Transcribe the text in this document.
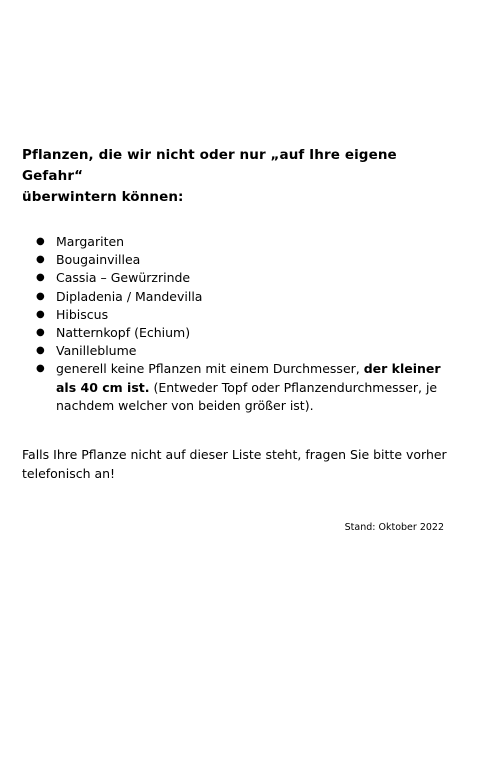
Pflanzen, die wir nicht oder nur „auf Ihre eigene Gefahr“
überwintern können:
● Margariten
● Bougainvillea
● Cassia – Gewürzrinde
● Dipladenia / Mandevilla
● Hibiscus
● Natternkopf (Echium)
● Vanilleblume
● generell keine Pflanzen mit einem Durchmesser, der kleiner als 40 cm ist. (Entweder Topf oder Pflanzendurchmesser, je nachdem welcher von beiden größer ist).
Falls Ihre Pflanze nicht auf dieser Liste steht, fragen Sie bitte vorher telefonisch an!
Stand: Oktober 2022
